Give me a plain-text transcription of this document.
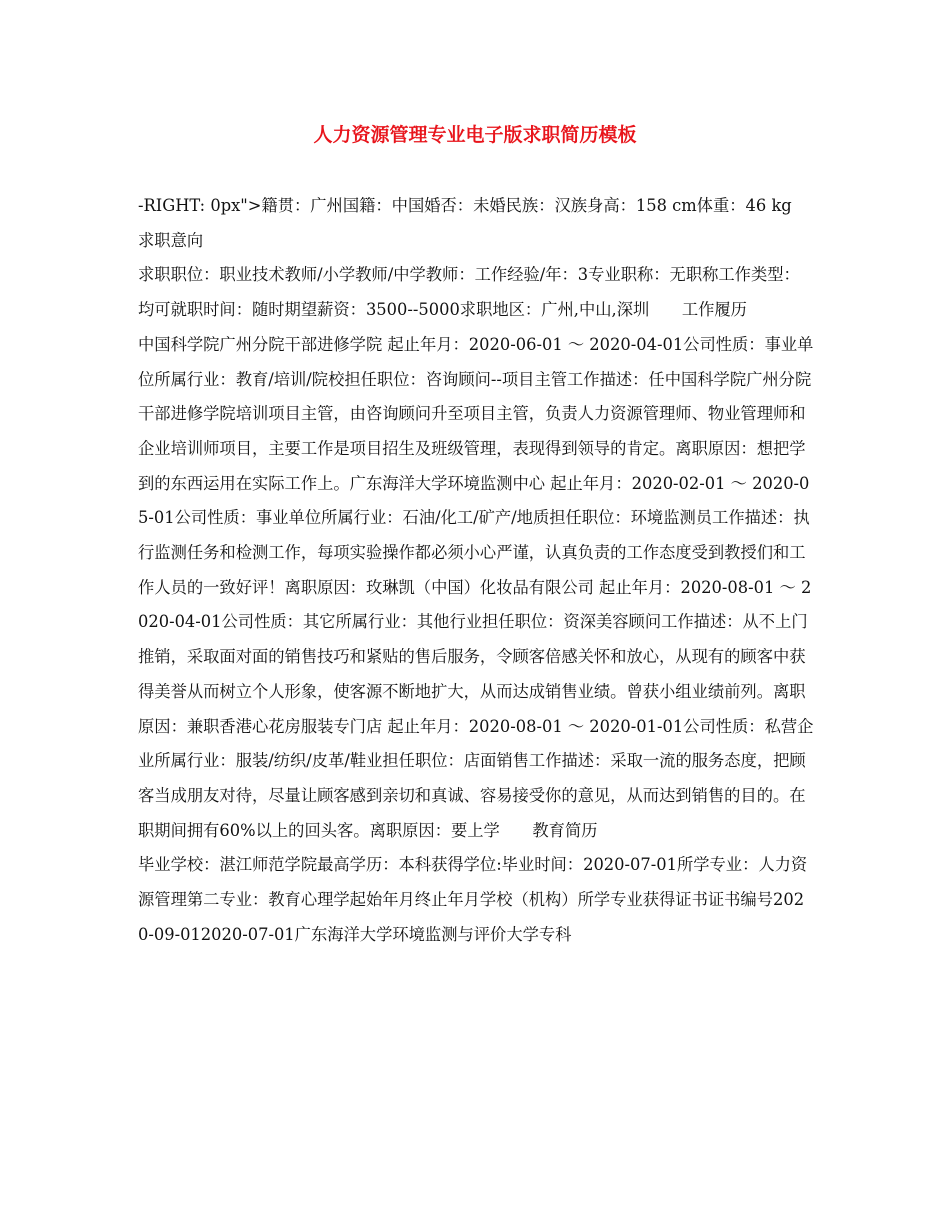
人力资源管理专业电子版求职简历模板
-RIGHT: 0px">籍贯：广州国籍：中国婚否：未婚民族：汉族身高：158 cm体重：46 kg　　求职意向
求职职位：职业技术教师/小学教师/中学教师：工作经验/年：3专业职称：无职称工作类型：均可就职时间：随时期望薪资：3500--5000求职地区：广州,中山,深圳　　工作履历
中国科学院广州分院干部进修学院 起止年月：2020-06-01 ～ 2020-04-01公司性质：事业单位所属行业：教育/培训/院校担任职位：咨询顾问--项目主管工作描述：任中国科学院广州分院干部进修学院培训项目主管，由咨询顾问升至项目主管，负责人力资源管理师、物业管理师和企业培训师项目，主要工作是项目招生及班级管理，表现得到领导的肯定。离职原因：想把学到的东西运用在实际工作上。广东海洋大学环境监测中心 起止年月：2020-02-01 ～ 2020-05-01公司性质：事业单位所属行业：石油/化工/矿产/地质担任职位：环境监测员工作描述：执行监测任务和检测工作，每项实验操作都必须小心严谨，认真负责的工作态度受到教授们和工作人员的一致好评！离职原因：玫琳凯（中国）化妆品有限公司 起止年月：2020-08-01 ～ 2020-04-01公司性质：其它所属行业：其他行业担任职位：资深美容顾问工作描述：从不上门推销，采取面对面的销售技巧和紧贴的售后服务，令顾客倍感关怀和放心，从现有的顾客中获得美誉从而树立个人形象，使客源不断地扩大，从而达成销售业绩。曾获小组业绩前列。离职原因：兼职香港心花房服装专门店 起止年月：2020-08-01 ～ 2020-01-01公司性质：私营企业所属行业：服装/纺织/皮革/鞋业担任职位：店面销售工作描述：采取一流的服务态度，把顾客当成朋友对待，尽量让顾客感到亲切和真诚、容易接受你的意见，从而达到销售的目的。在职期间拥有60%以上的回头客。离职原因：要上学　　教育简历
毕业学校：湛江师范学院最高学历：本科获得学位:毕业时间：2020-07-01所学专业：人力资源管理第二专业：教育心理学起始年月终止年月学校（机构）所学专业获得证书证书编号2020-09-012020-07-01广东海洋大学环境监测与评价大学专科
